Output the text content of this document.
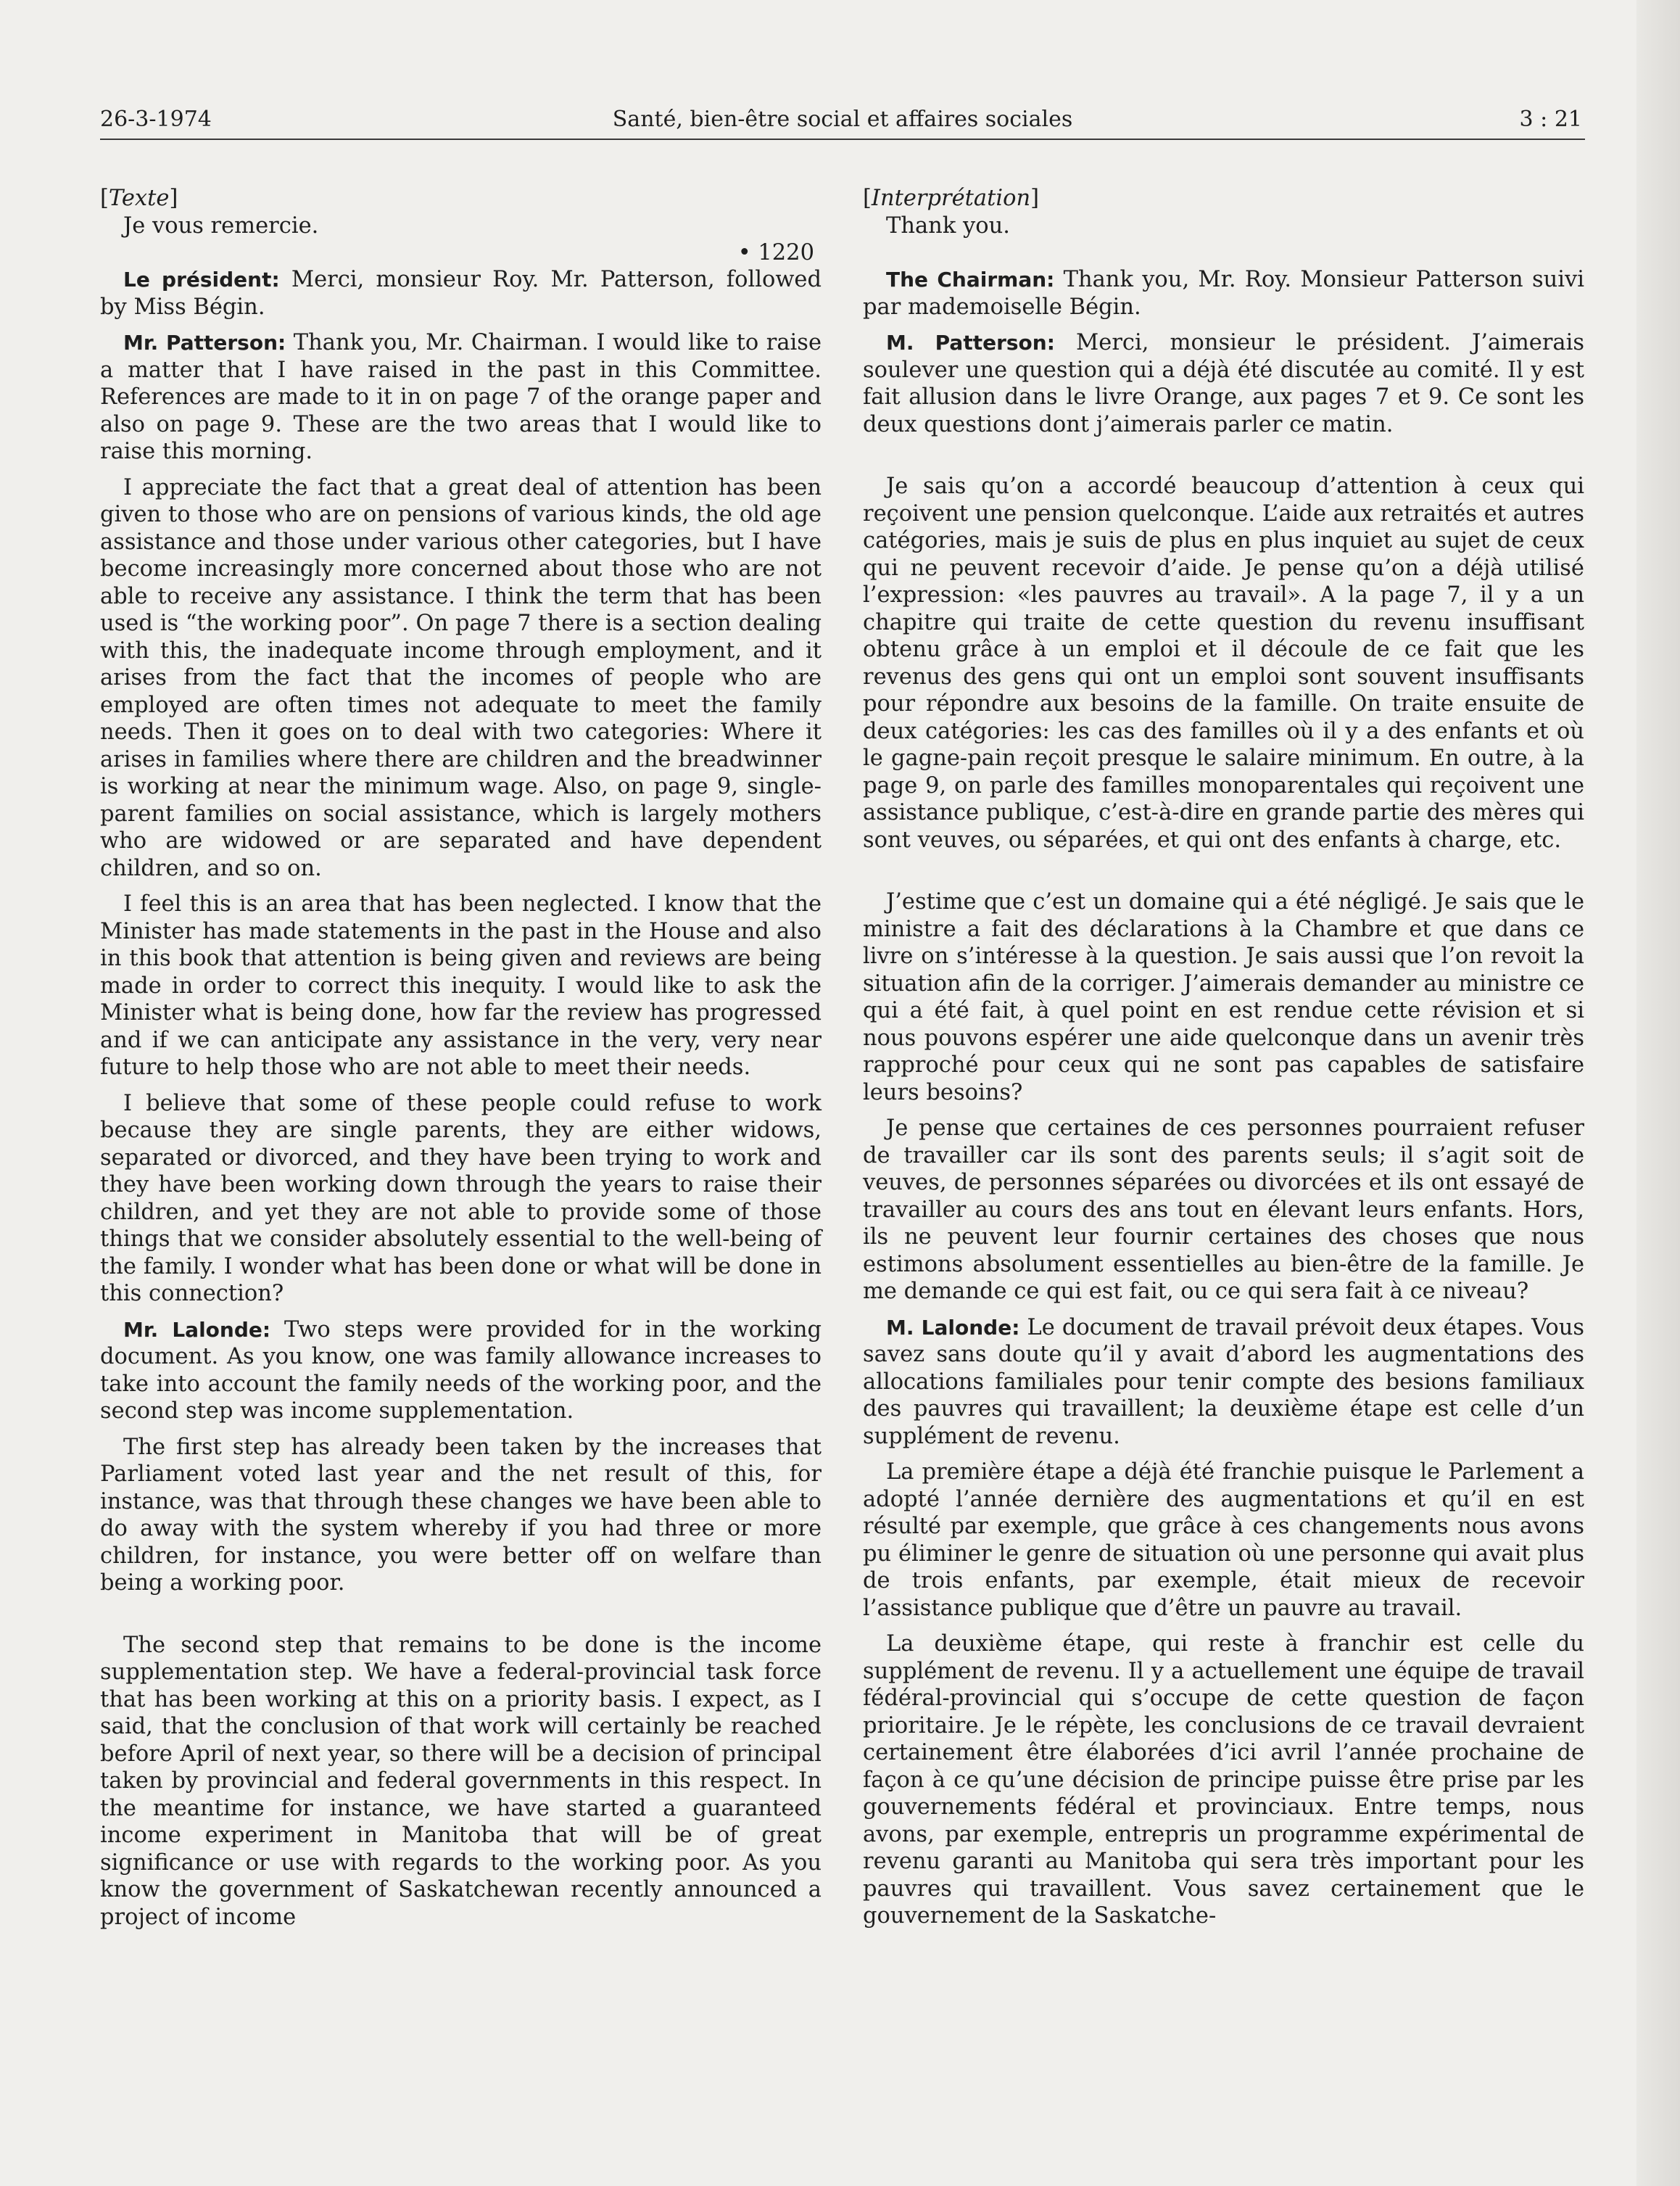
Santé, bien-être social et affaires sociales
26-3-1974	3 : 21

[Texte]

Je vous remercie.

• 1220

Le président: Merci, monsieur Roy. Mr. Patterson, followed by Miss Bégin.

Mr. Patterson: Thank you, Mr. Chairman. I would like to raise a matter that I have raised in the past in this Committee. References are made to it in on page 7 of the orange paper and also on page 9. These are the two areas that I would like to raise this morning.

I appreciate the fact that a great deal of attention has been given to those who are on pensions of various kinds, the old age assistance and those under various other categories, but I have become increasingly more concerned about those who are not able to receive any assistance. I think the term that has been used is “the working poor”. On page 7 there is a section dealing with this, the inadequate income through employment, and it arises from the fact that the incomes of people who are employed are often times not adequate to meet the family needs. Then it goes on to deal with two categories: Where it arises in families where there are children and the breadwinner is working at near the minimum wage. Also, on page 9, single-parent families on social assistance, which is largely mothers who are widowed or are separated and have dependent children, and so on.

I feel this is an area that has been neglected. I know that the Minister has made statements in the past in the House and also in this book that attention is being given and reviews are being made in order to correct this inequity. I would like to ask the Minister what is being done, how far the review has progressed and if we can anticipate any assistance in the very, very near future to help those who are not able to meet their needs.

I believe that some of these people could refuse to work because they are single parents, they are either widows, separated or divorced, and they have been trying to work and they have been working down through the years to raise their children, and yet they are not able to provide some of those things that we consider absolutely essential to the well-being of the family. I wonder what has been done or what will be done in this connection?

Mr. Lalonde: Two steps were provided for in the working document. As you know, one was family allowance increases to take into account the family needs of the working poor, and the second step was income supplementation.

The first step has already been taken by the increases that Parliament voted last year and the net result of this, for instance, was that through these changes we have been able to do away with the system whereby if you had three or more children, for instance, you were better off on welfare than being a working poor.

The second step that remains to be done is the income supplementation step. We have a federal-provincial task force that has been working at this on a priority basis. I expect, as I said, that the conclusion of that work will certainly be reached before April of next year, so there will be a decision of principal taken by provincial and federal governments in this respect. In the meantime for instance, we have started a guaranteed income experiment in Manitoba that will be of great significance or use with regards to the working poor. As you know the government of Saskatchewan recently announced a project of income

[Interprétation]

Thank you.

The Chairman: Thank you, Mr. Roy. Monsieur Patterson suivi par mademoiselle Bégin.

M. Patterson: Merci, monsieur le président. J’aimerais soulever une question qui a déjà été discutée au comité. Il y est fait allusion dans le livre Orange, aux pages 7 et 9. Ce sont les deux questions dont j’aimerais parler ce matin.

Je sais qu’on a accordé beaucoup d’attention à ceux qui reçoivent une pension quelconque. L’aide aux retraités et autres catégories, mais je suis de plus en plus inquiet au sujet de ceux qui ne peuvent recevoir d’aide. Je pense qu’on a déjà utilisé l’expression: «les pauvres au travail». A la page 7, il y a un chapitre qui traite de cette question du revenu insuffisant obtenu grâce à un emploi et il découle de ce fait que les revenus des gens qui ont un emploi sont souvent insuffisants pour répondre aux besoins de la famille. On traite ensuite de deux catégories: les cas des familles où il y a des enfants et où le gagne-pain reçoit presque le salaire minimum. En outre, à la page 9, on parle des familles monoparentales qui reçoivent une assistance publique, c’est-à-dire en grande partie des mères qui sont veuves, ou séparées, et qui ont des enfants à charge, etc.

J’estime que c’est un domaine qui a été négligé. Je sais que le ministre a fait des déclarations à la Chambre et que dans ce livre on s’intéresse à la question. Je sais aussi que l’on revoit la situation afin de la corriger. J’aimerais demander au ministre ce qui a été fait, à quel point en est rendue cette révision et si nous pouvons espérer une aide quelconque dans un avenir très rapproché pour ceux qui ne sont pas capables de satisfaire leurs besoins?

Je pense que certaines de ces personnes pourraient refuser de travailler car ils sont des parents seuls; il s’agit soit de veuves, de personnes séparées ou divorcées et ils ont essayé de travailler au cours des ans tout en élevant leurs enfants. Hors, ils ne peuvent leur fournir certaines des choses que nous estimons absolument essentielles au bien-être de la famille. Je me demande ce qui est fait, ou ce qui sera fait à ce niveau?

M. Lalonde: Le document de travail prévoit deux étapes. Vous savez sans doute qu’il y avait d’abord les augmentations des allocations familiales pour tenir compte des besions familiaux des pauvres qui travaillent; la deuxième étape est celle d’un supplément de revenu.

La première étape a déjà été franchie puisque le Parlement a adopté l’année dernière des augmentations et qu’il en est résulté par exemple, que grâce à ces changements nous avons pu éliminer le genre de situation où une personne qui avait plus de trois enfants, par exemple, était mieux de recevoir l’assistance publique que d’être un pauvre au travail.

La deuxième étape, qui reste à franchir est celle du supplément de revenu. Il y a actuellement une équipe de travail fédéral-provincial qui s’occupe de cette question de façon prioritaire. Je le répète, les conclusions de ce travail devraient certainement être élaborées d’ici avril l’année prochaine de façon à ce qu’une décision de principe puisse être prise par les gouvernements fédéral et provinciaux. Entre temps, nous avons, par exemple, entrepris un programme expérimental de revenu garanti au Manitoba qui sera très important pour les pauvres qui travaillent. Vous savez certainement que le gouvernement de la Saskatche-
